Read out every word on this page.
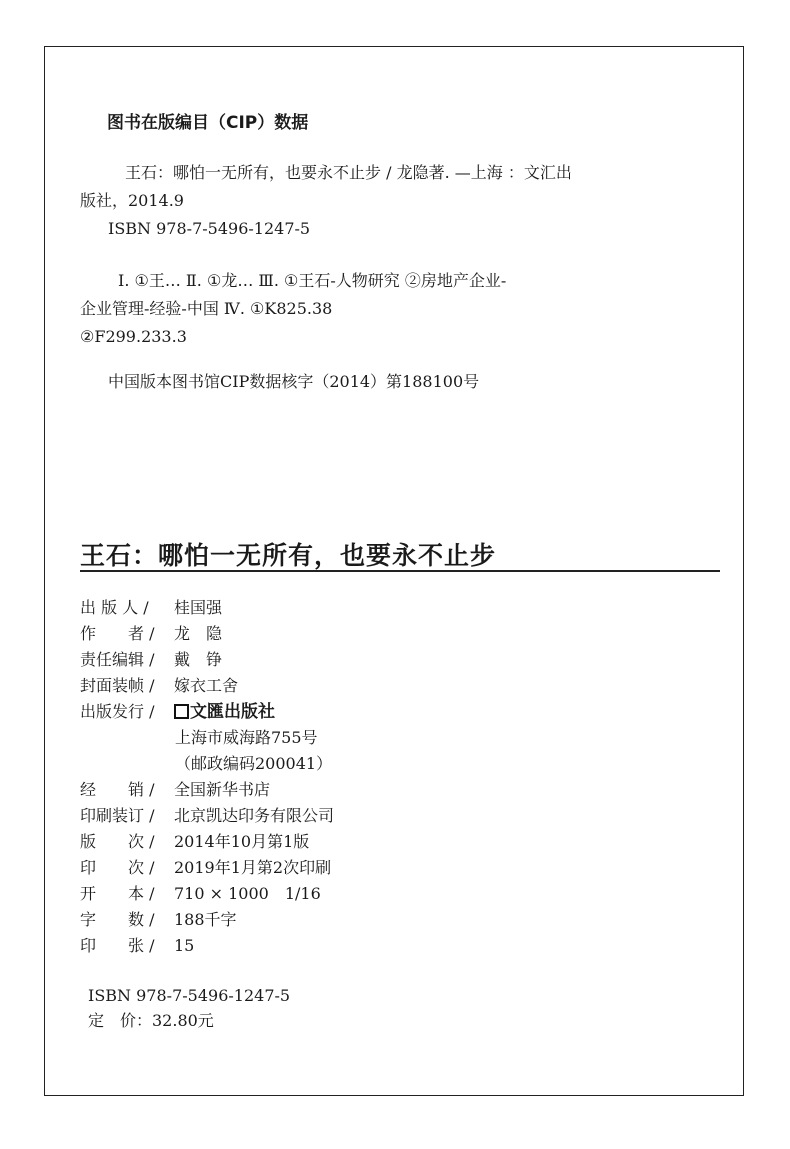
图书在版编目（CIP）数据
王石：哪怕一无所有，也要永不止步 / 龙隐著. —上海 ：文汇出
版社，2014.9
ISBN 978-7-5496-1247-5
Ⅰ. ①王… Ⅱ. ①龙… Ⅲ. ①王石-人物研究 ②房地产企业-
企业管理-经验-中国 Ⅳ. ①K825.38
②F299.233.3
中国版本图书馆CIP数据核字（2014）第188100号
王石：哪怕一无所有，也要永不止步
出 版 人 / 桂国强
作　　者 / 龙　隐
责任编辑 / 戴　铮
封面装帧 / 嫁衣工舍
出版发行 / 文匯出版社
上海市威海路755号
（邮政编码200041）
经　　销 / 全国新华书店
印刷装订 / 北京凯达印务有限公司
版　　次 / 2014年10月第1版
印　　次 / 2019年1月第2次印刷
开　　本 / 710 × 1000　1/16
字　　数 / 188千字
印　　张 / 15
ISBN 978-7-5496-1247-5
定　价：32.80元
